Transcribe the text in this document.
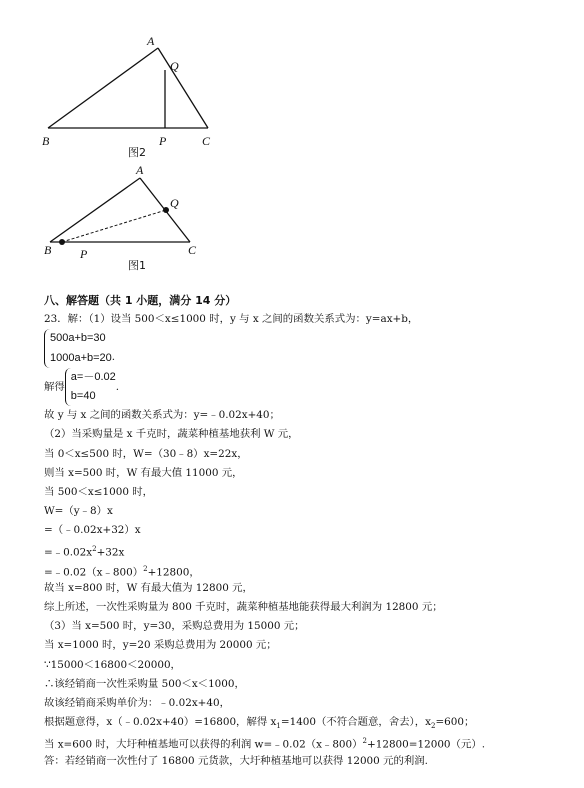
A
Q
B	P	C
图2
A
Q
B P	C
图1
八、解答题（共 1 小题，满分 14 分）
23．解：（1）设当 500＜x≤1000 时，y 与 x 之间的函数关系式为：y=ax+b，
500a+b=30
1000a+b=20 .
解得
a=－0.02
b=40
.
故 y 与 x 之间的函数关系式为：y=﹣0.02x+40；
（2）当采购量是 x 千克时，蔬菜种植基地获利 W 元，
当 0＜x≤500 时，W=（30﹣8）x=22x，
则当 x=500 时，W 有最大值 11000 元，
当 500＜x≤1000 时，
W=（y﹣8）x
=（﹣0.02x+32）x
$=﹣0.02x^2+32x$
=﹣0.02（x﹣800）$^2$+12800，
故当 x=800 时，W 有最大值为 12800 元，
综上所述，一次性采购量为 800 千克时，蔬菜种植基地能获得最大利润为 12800 元；
（3）当 x=500 时，y=30，采购总费用为 15000 元；
当 x=1000 时，y=20 采购总费用为 20000 元；
∵15000＜16800＜20000，
∴该经销商一次性采购量 500＜x＜1000，
故该经销商采购单价为：﹣0.02x+40，
根据题意得，x（﹣0.02x+40）=16800，解得 $x_1=1400$（不符合题意，舍去），$x_2=600$；
当 x=600 时，大圩种植基地可以获得的利润 w=﹣0.02（x﹣800）$^2$+12800=12000（元）.
答：若经销商一次性付了 16800 元货款，大圩种植基地可以获得 12000 元的利润.
